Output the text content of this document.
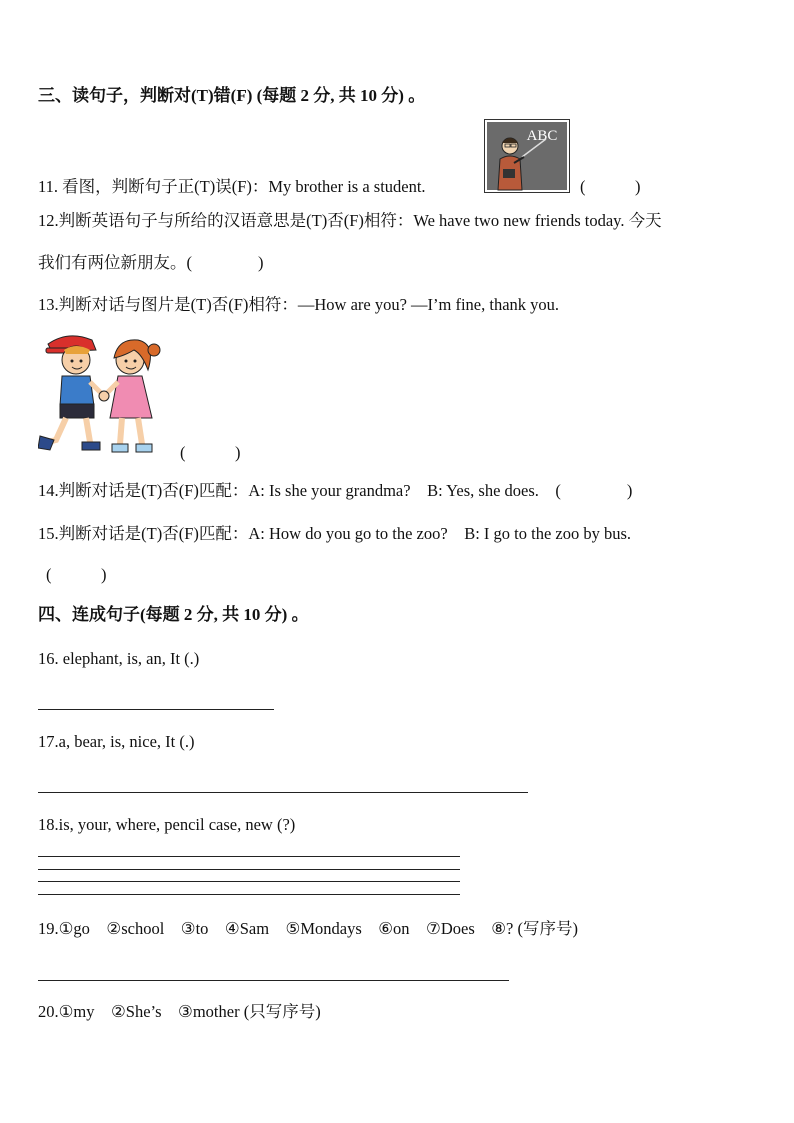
三、读句子，判断对(T)错(F) (每题 2 分, 共 10 分) 。
ABC
11. 看图，判断句子正(T)误(F)：My brother is a student.	(　　　)
12.判断英语句子与所给的汉语意思是(T)否(F)相符：We have two new friends today. 今天
我们有两位新朋友。(　　　　)
13.判断对话与图片是(T)否(F)相符：—How are you? —I’m fine, thank you.
(　　　)
14.判断对话是(T)否(F)匹配：A: Is she your grandma?　B: Yes, she does.　(　　　　)
15.判断对话是(T)否(F)匹配：A: How do you go to the zoo?　B: I go to the zoo by bus.
(　　　)
四、连成句子(每题 2 分, 共 10 分) 。
16. elephant, is, an, It (.)
17.a, bear, is, nice, It (.)
18.is, your, where, pencil case, new (?)
19.①go　②school　③to　④Sam　⑤Mondays　⑥on　⑦Does　⑧? (写序号)
20.①my　②She’s　③mother (只写序号)
